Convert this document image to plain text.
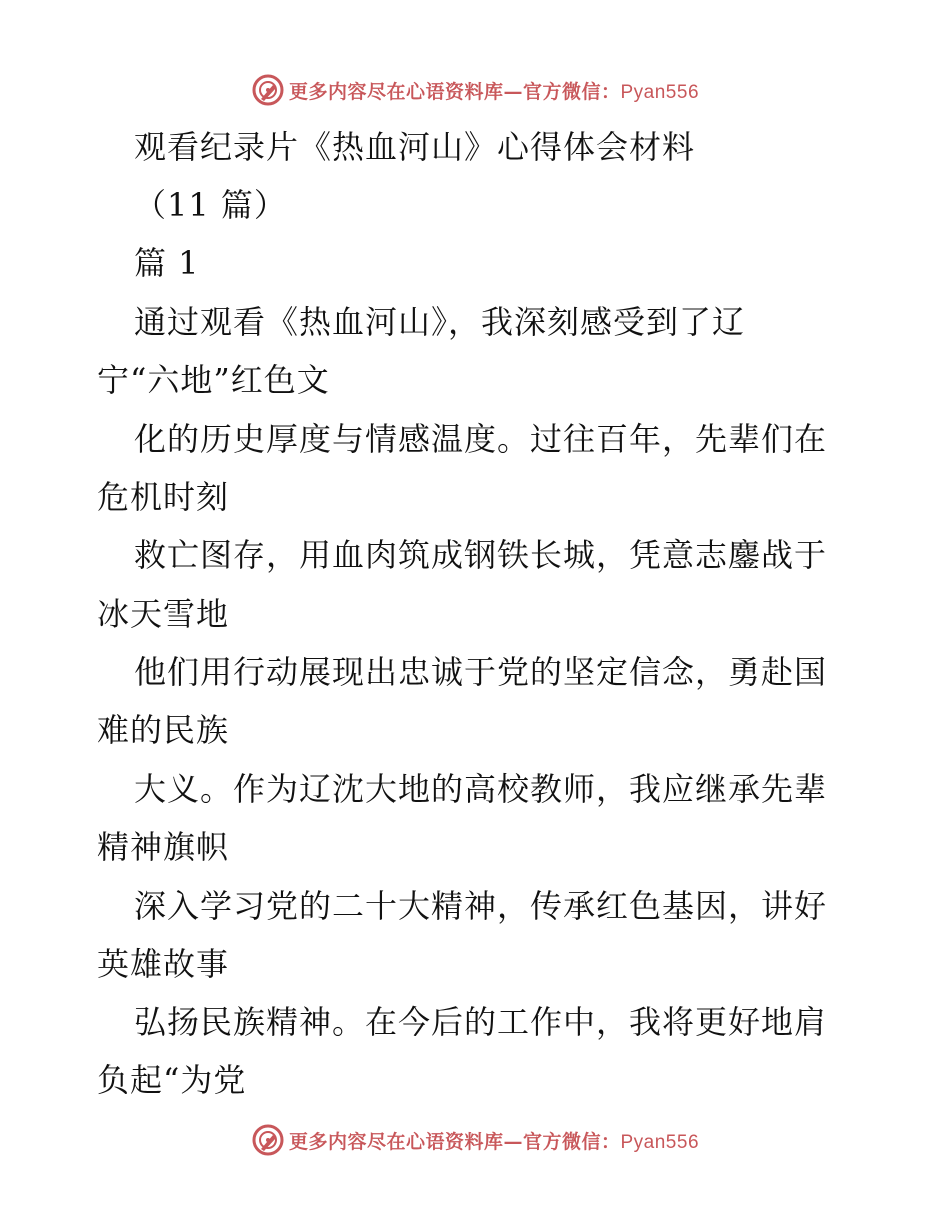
更多内容尽在心语资料库—官方微信：Pyan556
观看纪录片《热血河山》心得体会材料
（11 篇）
篇 1
通过观看《热血河山》，我深刻感受到了辽
宁“六地”红色文
化的历史厚度与情感温度。过往百年，先辈们在
危机时刻
救亡图存，用血肉筑成钢铁长城，凭意志鏖战于
冰天雪地
他们用行动展现出忠诚于党的坚定信念，勇赴国
难的民族
大义。作为辽沈大地的高校教师，我应继承先辈
精神旗帜
深入学习党的二十大精神，传承红色基因，讲好
英雄故事
弘扬民族精神。在今后的工作中，我将更好地肩
负起“为党
更多内容尽在心语资料库—官方微信：Pyan556
